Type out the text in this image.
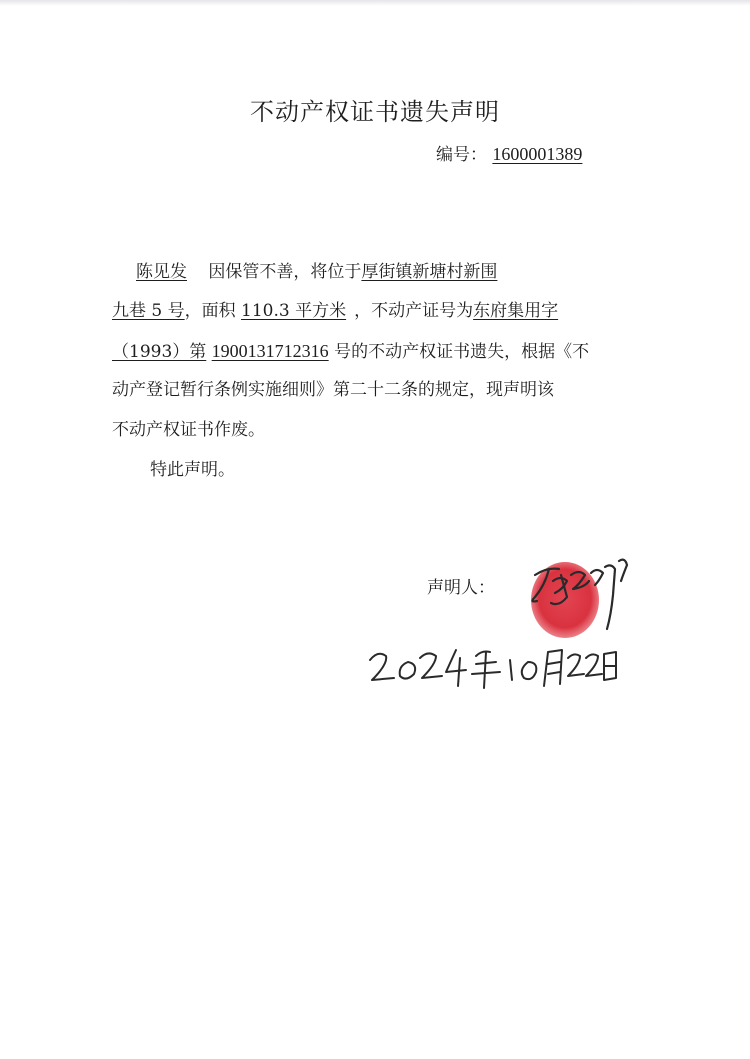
不动产权证书遗失声明
编号： 1600001389

陈见发 因保管不善，将位于厚街镇新塘村新围

九巷 5 号，面积 110.3 平方米 ，不动产证号为东府集用字

（1993）第 1900131712316 号的不动产权证书遗失，根据《不

动产登记暂行条例实施细则》第二十二条的规定，现声明该

不动产权证书作废。

特此声明。

声明人：
